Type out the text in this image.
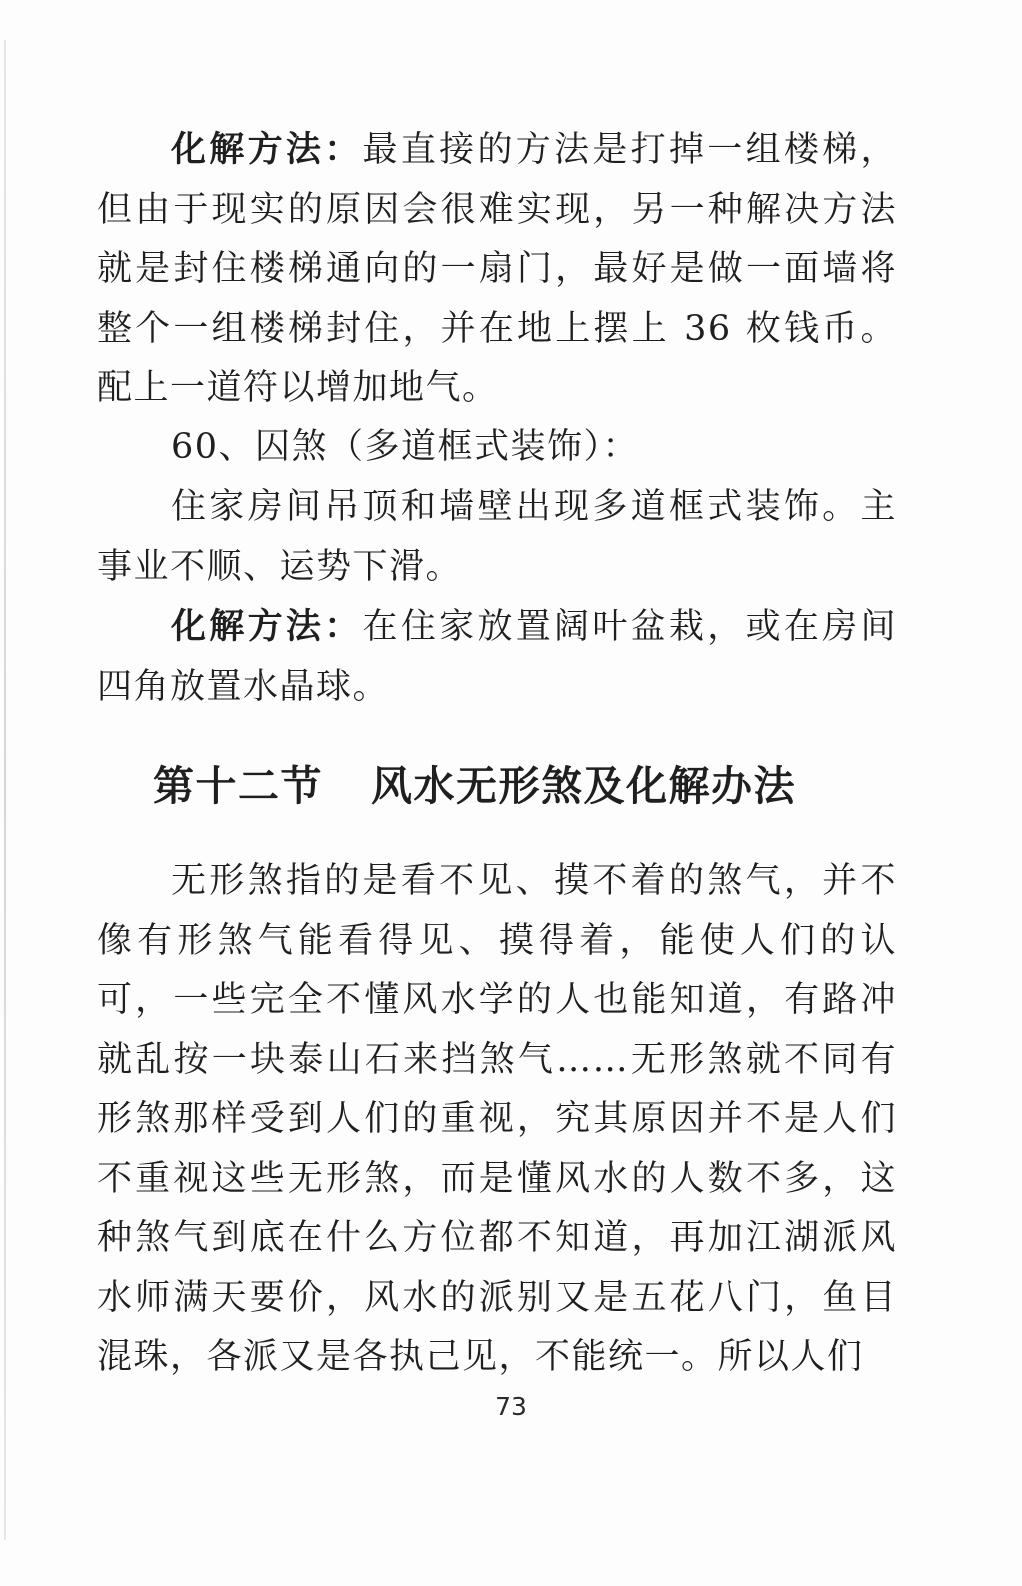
化解方法：最直接的方法是打掉一组楼梯，但由于现实的原因会很难实现，另一种解决方法就是封住楼梯通向的一扇门，最好是做一面墙将整个一组楼梯封住，并在地上摆上 36 枚钱币。配上一道符以增加地气。
60、囚煞（多道框式装饰）：
住家房间吊顶和墙壁出现多道框式装饰。主事业不顺、运势下滑。
化解方法：在住家放置阔叶盆栽，或在房间四角放置水晶球。
第十二节 风水无形煞及化解办法
无形煞指的是看不见、摸不着的煞气，并不像有形煞气能看得见、摸得着，能使人们的认可，一些完全不懂风水学的人也能知道，有路冲就乱按一块泰山石来挡煞气……无形煞就不同有形煞那样受到人们的重视，究其原因并不是人们不重视这些无形煞，而是懂风水的人数不多，这种煞气到底在什么方位都不知道，再加江湖派风水师满天要价，风水的派别又是五花八门，鱼目混珠，各派又是各执己见，不能统一。所以人们
73
